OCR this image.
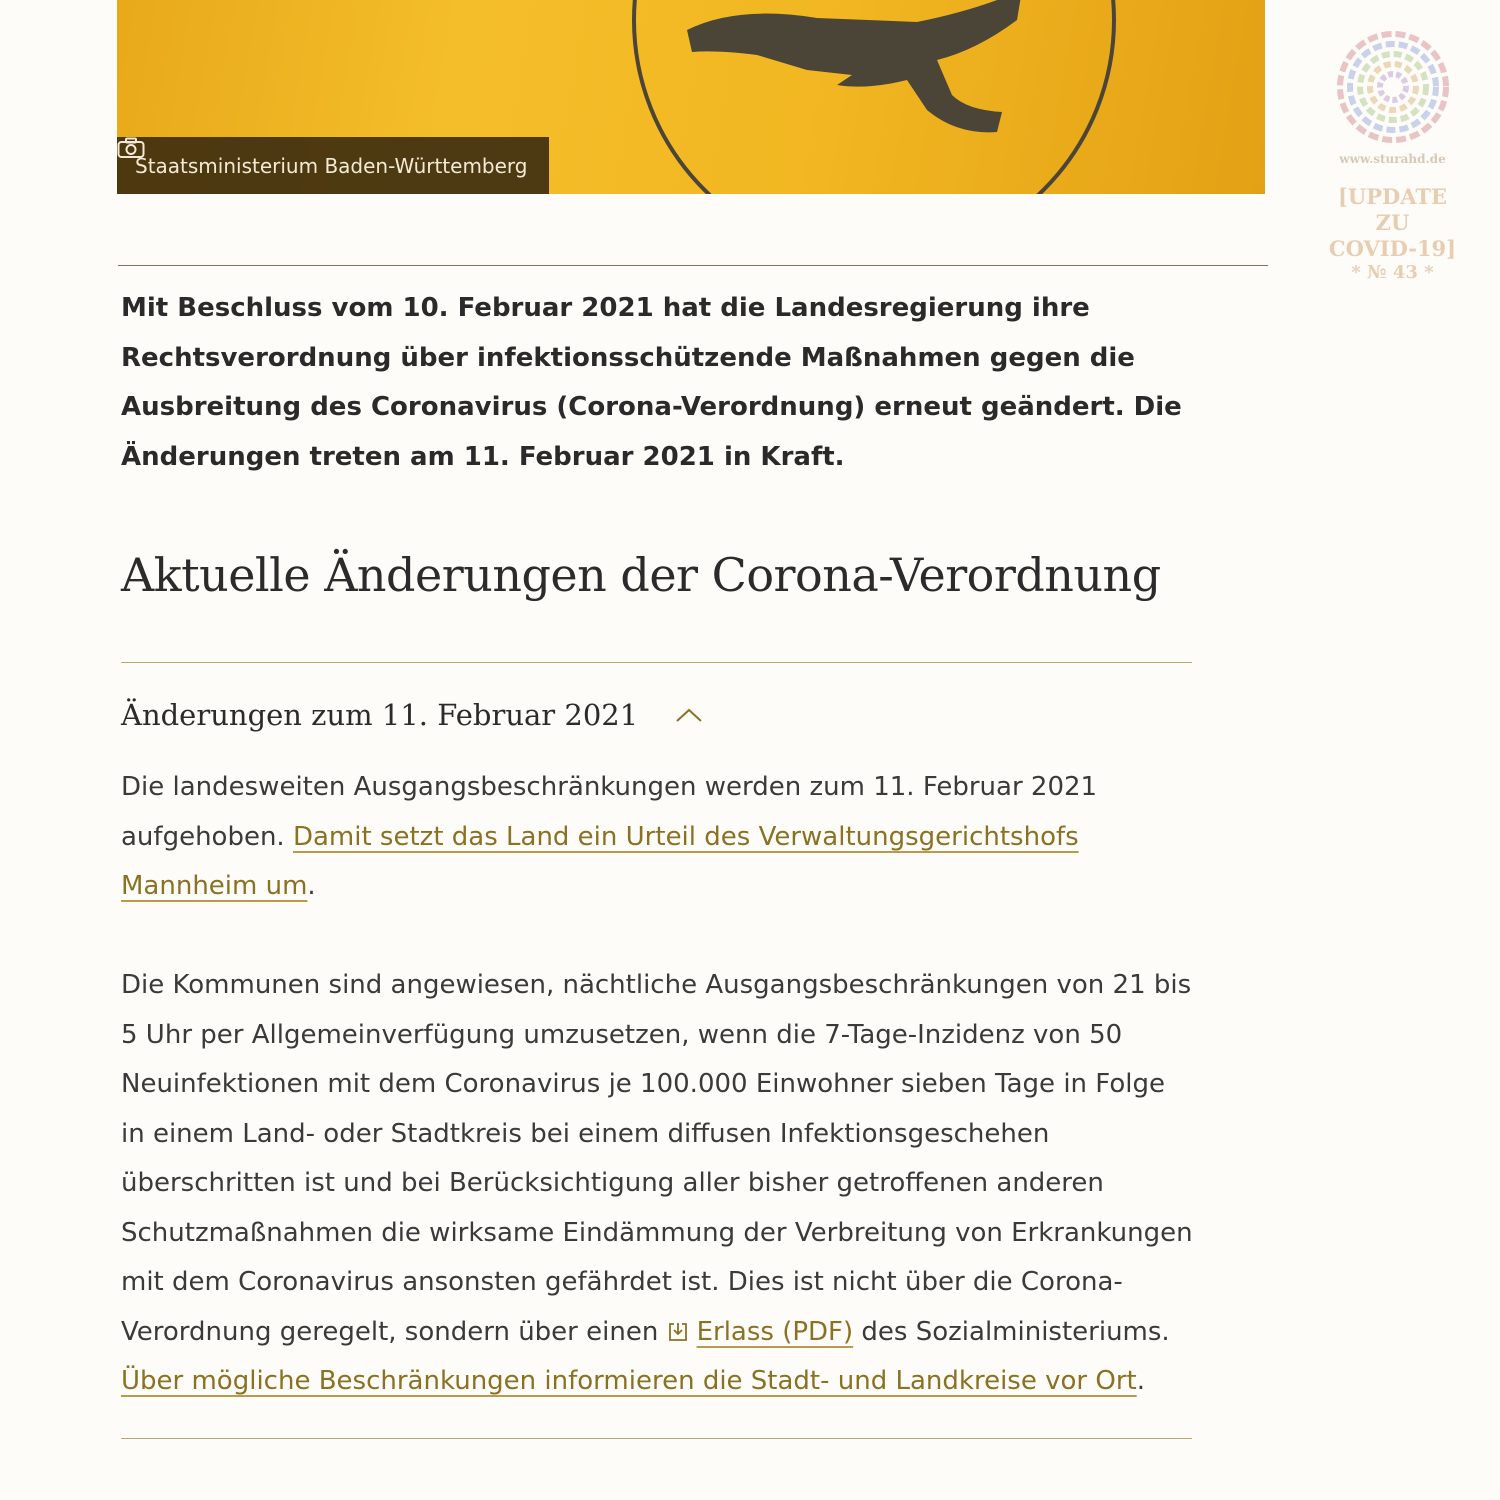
Staatsministerium Baden-Württemberg	www.sturahd.de
[UPDATE ZU
COVID-19]
* № 43 *

Mit Beschluss vom 10. Februar 2021 hat die Landesregierung ihre Rechtsverordnung über infektionsschützende Maßnahmen gegen die Ausbreitung des Coronavirus (Corona-Verordnung) erneut geändert. Die Änderungen treten am 11. Februar 2021 in Kraft.

Aktuelle Änderungen der Corona-Verordnung
Änderungen zum 11. Februar 2021

Die landesweiten Ausgangsbeschränkungen werden zum 11. Februar 2021 aufgehoben. Damit setzt das Land ein Urteil des Verwaltungsgerichtshofs Mannheim um.

Die Kommunen sind angewiesen, nächtliche Ausgangsbeschränkungen von 21 bis 5 Uhr per Allgemeinverfügung umzusetzen, wenn die 7-Tage-Inzidenz von 50 Neuinfektionen mit dem Coronavirus je 100.000 Einwohner sieben Tage in Folge in einem Land- oder Stadtkreis bei einem diffusen Infektionsgeschehen überschritten ist und bei Berücksichtigung aller bisher getroffenen anderen Schutzmaßnahmen die wirksame Eindämmung der Verbreitung von Erkrankungen mit dem Coronavirus ansonsten gefährdet ist. Dies ist nicht über die Corona-Verordnung geregelt, sondern über einen Erlass (PDF) des Sozialministeriums. Über mögliche Beschränkungen informieren die Stadt- und Landkreise vor Ort.
